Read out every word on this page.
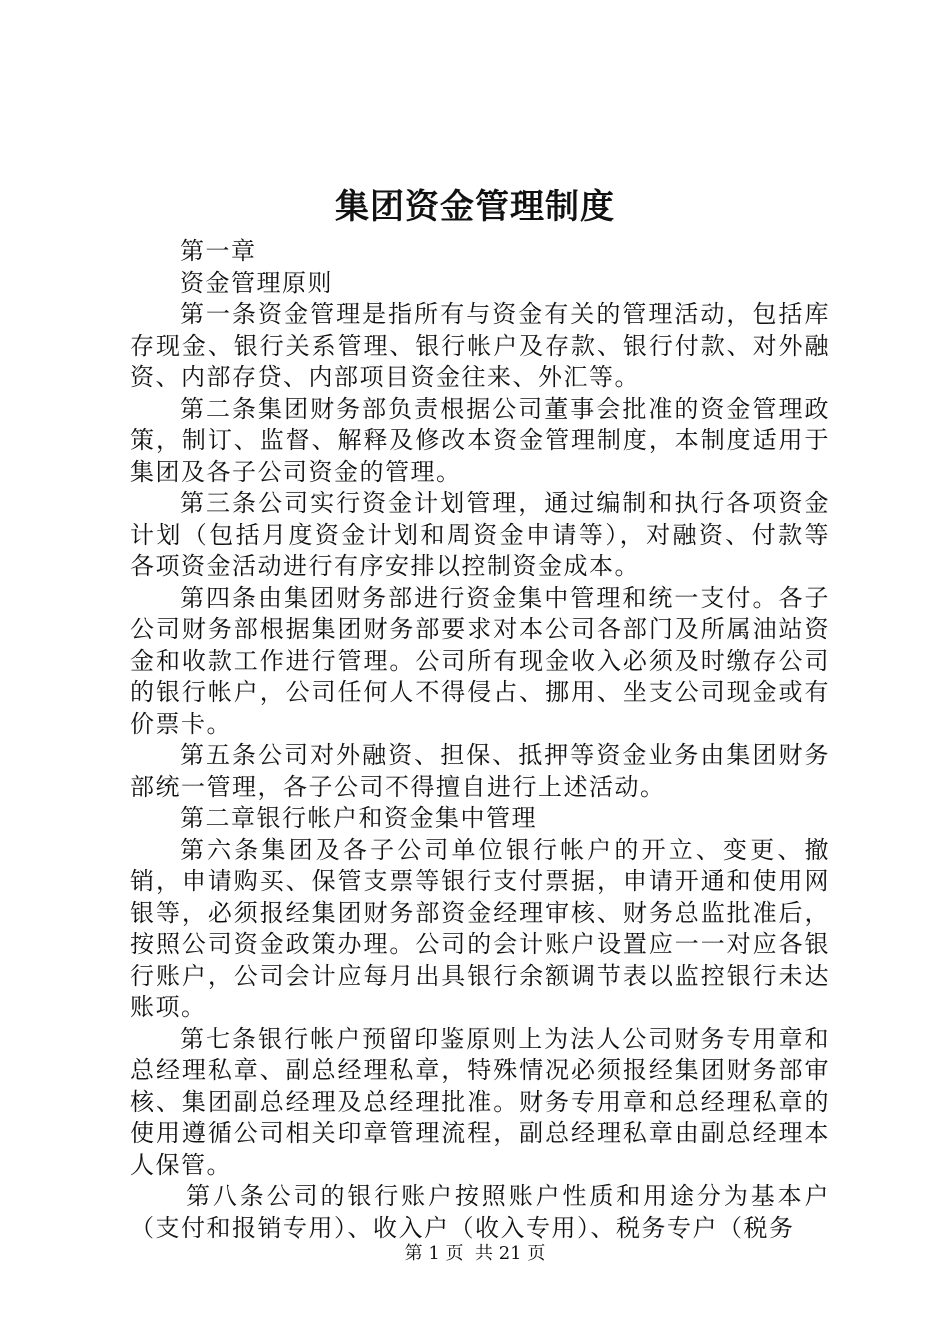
集团资金管理制度

第一章

资金管理原则

第一条资金管理是指所有与资金有关的管理活动，包括库存现金、银行关系管理、银行帐户及存款、银行付款、对外融资、内部存贷、内部项目资金往来、外汇等。

第二条集团财务部负责根据公司董事会批准的资金管理政策，制订、监督、解释及修改本资金管理制度，本制度适用于集团及各子公司资金的管理。

第三条公司实行资金计划管理，通过编制和执行各项资金计划（包括月度资金计划和周资金申请等），对融资、付款等各项资金活动进行有序安排以控制资金成本。

第四条由集团财务部进行资金集中管理和统一支付。各子公司财务部根据集团财务部要求对本公司各部门及所属油站资金和收款工作进行管理。公司所有现金收入必须及时缴存公司的银行帐户，公司任何人不得侵占、挪用、坐支公司现金或有价票卡。

第五条公司对外融资、担保、抵押等资金业务由集团财务部统一管理，各子公司不得擅自进行上述活动。

第二章银行帐户和资金集中管理

第六条集团及各子公司单位银行帐户的开立、变更、撤销，申请购买、保管支票等银行支付票据，申请开通和使用网银等，必须报经集团财务部资金经理审核、财务总监批准后，按照公司资金政策办理。公司的会计账户设置应一一对应各银行账户，公司会计应每月出具银行余额调节表以监控银行未达账项。

第七条银行帐户预留印鉴原则上为法人公司财务专用章和总经理私章、副总经理私章，特殊情况必须报经集团财务部审核、集团副总经理及总经理批准。财务专用章和总经理私章的使用遵循公司相关印章管理流程，副总经理私章由副总经理本人保管。

第八条公司的银行账户按照账户性质和用途分为基本户（支付和报销专用）、收入户（收入专用）、税务专户（税务

第 1 页  共 21 页
